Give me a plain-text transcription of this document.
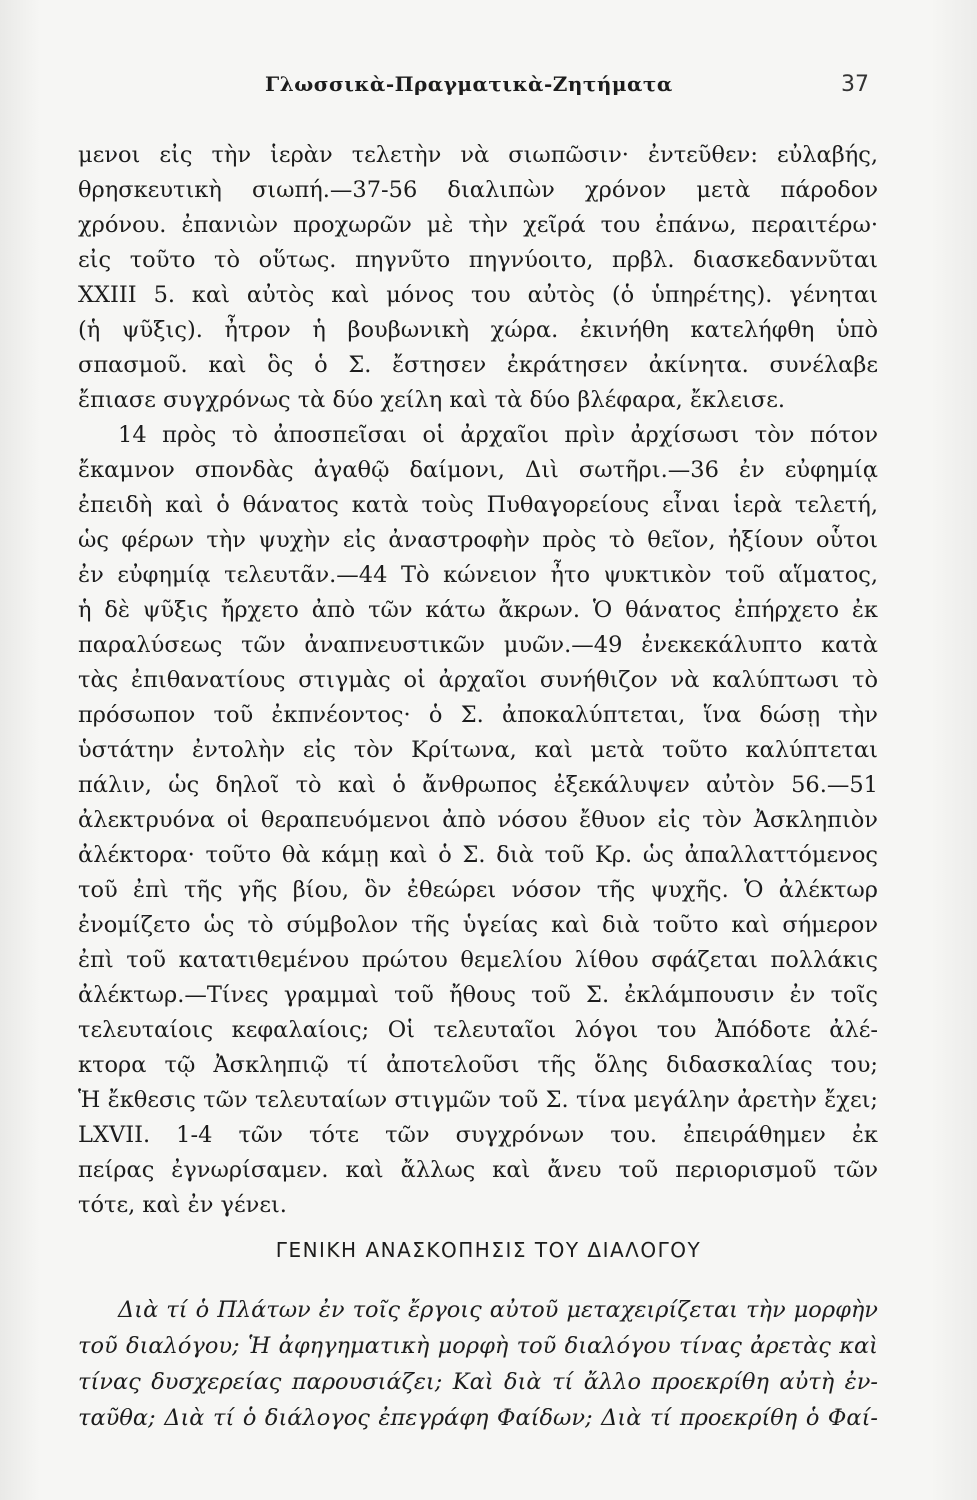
Γλωσσικὰ-Πραγματικὰ-Ζητήματα	37
μενοι εἰς τὴν ἱερὰν τελετὴν νὰ σιωπῶσιν· ἐντεῦθεν: εὐλαβής,
θρησκευτικὴ σιωπή.—37-56 διαλιπὼν χρόνον μετὰ πάροδον
χρόνου. ἐπανιὼν προχωρῶν μὲ τὴν χεῖρά του ἐπάνω, περαιτέρω·
εἰς τοῦτο τὸ οὕτως. πηγνῦτο πηγνύοιτο, πρβλ. διασκεδαννῦται
XXIII 5. καὶ αὐτὸς καὶ μόνος του αὐτὸς (ὁ ὑπηρέτης). γένηται
(ἡ ψῦξις). ἦτρον ἡ βουβωνικὴ χώρα. ἐκινήθη κατελήφθη ὑπὸ
σπασμοῦ. καὶ ὃς ὁ Σ. ἔστησεν ἐκράτησεν ἀκίνητα. συνέλαβε
ἔπιασε συγχρόνως τὰ δύο χείλη καὶ τὰ δύο βλέφαρα, ἔκλεισε.
14 πρὸς τὸ ἀποσπεῖσαι οἱ ἀρχαῖοι πρὶν ἀρχίσωσι τὸν πότον
ἔκαμνον σπονδὰς ἀγαθῷ δαίμονι, Διὶ σωτῆρι.—36 ἐν εὐφημίᾳ
ἐπειδὴ καὶ ὁ θάνατος κατὰ τοὺς Πυθαγορείους εἶναι ἱερὰ τελετή,
ὡς φέρων τὴν ψυχὴν εἰς ἀναστροφὴν πρὸς τὸ θεῖον, ἠξίουν οὗτοι
ἐν εὐφημίᾳ τελευτᾶν.—44 Τὸ κώνειον ἦτο ψυκτικὸν τοῦ αἵματος,
ἡ δὲ ψῦξις ἤρχετο ἀπὸ τῶν κάτω ἄκρων. Ὁ θάνατος ἐπήρχετο ἐκ
παραλύσεως τῶν ἀναπνευστικῶν μυῶν.—49 ἐνεκεκάλυπτο κατὰ
τὰς ἐπιθανατίους στιγμὰς οἱ ἀρχαῖοι συνήθιζον νὰ καλύπτωσι τὸ
πρόσωπον τοῦ ἐκπνέοντος· ὁ Σ. ἀποκαλύπτεται, ἵνα δώσῃ τὴν
ὑστάτην ἐντολὴν εἰς τὸν Κρίτωνα, καὶ μετὰ τοῦτο καλύπτεται
πάλιν, ὡς δηλοῖ τὸ καὶ ὁ ἄνθρωπος ἐξεκάλυψεν αὐτὸν 56.—51
ἀλεκτρυόνα οἱ θεραπευόμενοι ἀπὸ νόσου ἔθυον εἰς τὸν Ἀσκληπιὸν
ἀλέκτορα· τοῦτο θὰ κάμῃ καὶ ὁ Σ. διὰ τοῦ Κρ. ὡς ἀπαλλαττόμενος
τοῦ ἐπὶ τῆς γῆς βίου, ὃν ἐθεώρει νόσον τῆς ψυχῆς. Ὁ ἀλέκτωρ
ἐνομίζετο ὡς τὸ σύμβολον τῆς ὑγείας καὶ διὰ τοῦτο καὶ σήμερον
ἐπὶ τοῦ κατατιθεμένου πρώτου θεμελίου λίθου σφάζεται πολλάκις
ἀλέκτωρ.—Τίνες γραμμαὶ τοῦ ἤθους τοῦ Σ. ἐκλάμπουσιν ἐν τοῖς
τελευταίοις κεφαλαίοις; Οἱ τελευταῖοι λόγοι του Ἀπόδοτε ἀλέ-
κτορα τῷ Ἀσκληπιῷ τί ἀποτελοῦσι τῆς ὅλης διδασκαλίας του;
Ἡ ἔκθεσις τῶν τελευταίων στιγμῶν τοῦ Σ. τίνα μεγάλην ἀρετὴν ἔχει;
LXVII. 1-4 τῶν τότε τῶν συγχρόνων του. ἐπειράθημεν ἐκ
πείρας ἐγνωρίσαμεν. καὶ ἄλλως καὶ ἄνευ τοῦ περιορισμοῦ τῶν
τότε, καὶ ἐν γένει.
ΓΕΝΙΚΗ ΑΝΑΣΚΟΠΗΣΙΣ ΤΟΥ ΔΙΑΛΟΓΟΥ
Διὰ τί ὁ Πλάτων ἐν τοῖς ἔργοις αὐτοῦ μεταχειρίζεται τὴν μορφὴν
τοῦ διαλόγου; Ἡ ἀφηγηματικὴ μορφὴ τοῦ διαλόγου τίνας ἀρετὰς καὶ
τίνας δυσχερείας παρουσιάζει; Καὶ διὰ τί ἄλλο προεκρίθη αὐτὴ ἐν-
ταῦθα; Διὰ τί ὁ διάλογος ἐπεγράφη Φαίδων; Διὰ τί προεκρίθη ὁ Φαί-
